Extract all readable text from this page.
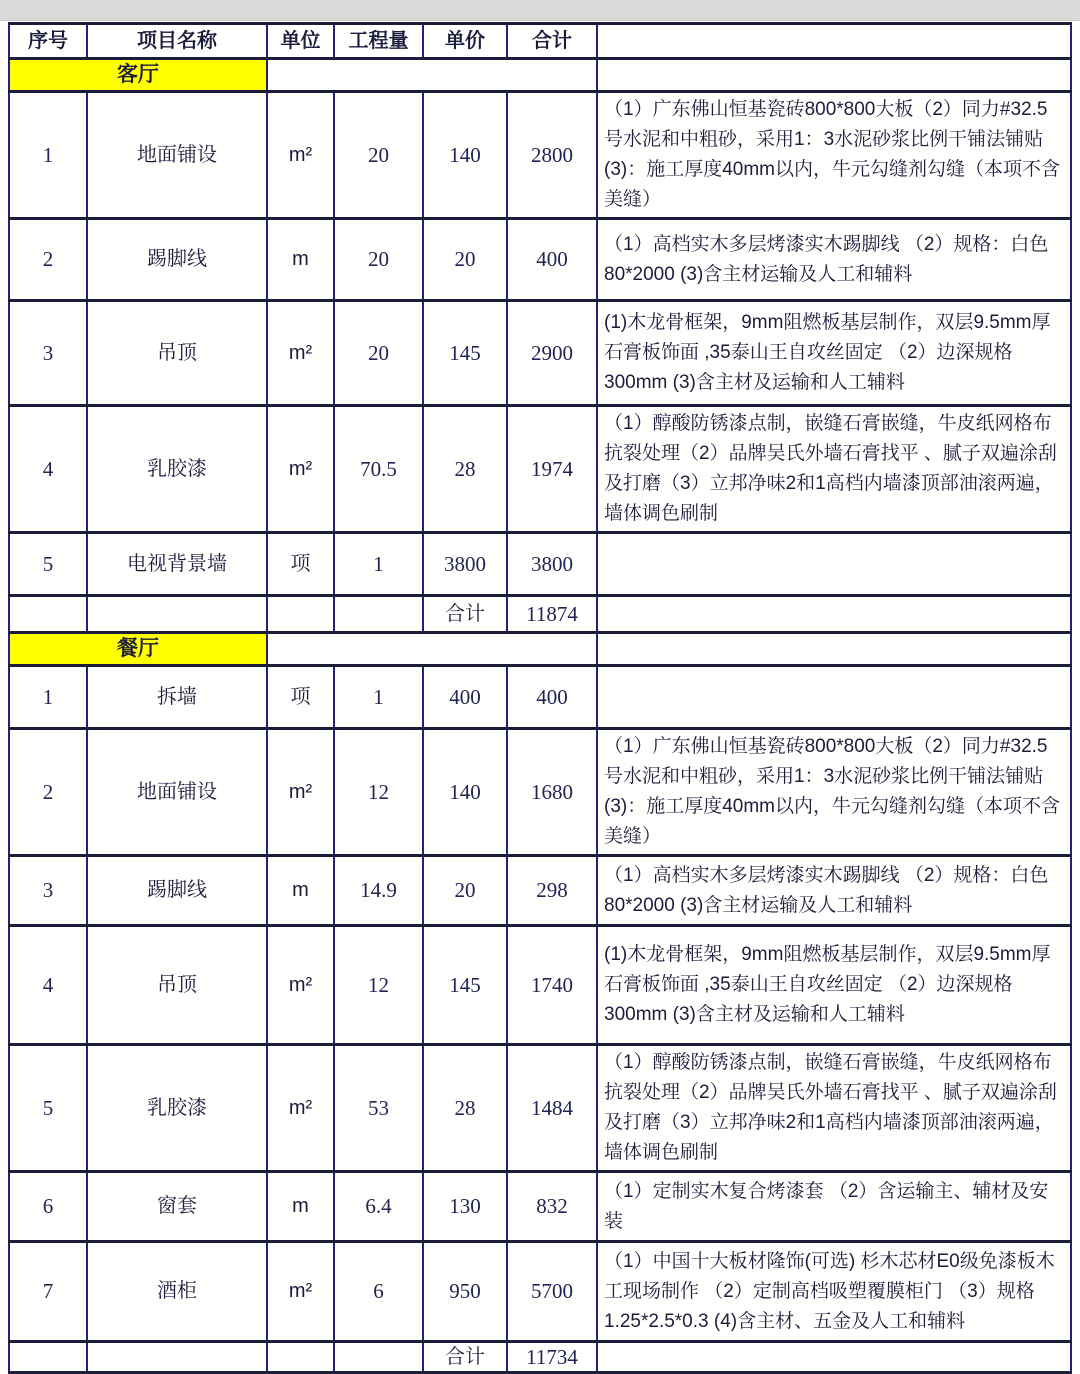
序号	项目名称	单位	工程量	单价	合计	
客厅						
1	地面铺设	m²	20	140	2800	（1）广东佛山恒基瓷砖800*800大板（2）同力#32.5号水泥和中粗砂，采用1：3水泥砂浆比例干铺法铺贴(3)：施工厚度40mm以内，牛元勾缝剂勾缝（本项不含美缝）
2	踢脚线	m	20	20	400	（1）高档实木多层烤漆实木踢脚线 （2）规格：白色80*2000 (3)含主材运输及人工和辅料
3	吊顶	m²	20	145	2900	(1)木龙骨框架，9mm阻燃板基层制作，双层9.5mm厚石膏板饰面 ,35泰山王自攻丝固定 （2）边深规格300mm (3)含主材及运输和人工辅料
4	乳胶漆	m²	70.5	28	1974	（1）醇酸防锈漆点制，嵌缝石膏嵌缝，牛皮纸网格布抗裂处理（2）品牌吴氏外墙石膏找平 、腻子双遍涂刮及打磨（3）立邦净味2和1高档内墙漆顶部油滚两遍，墙体调色刷制
5	电视背景墙	项	1	3800	3800	
				合计	11874	
餐厅						
1	拆墙	项	1	400	400	
2	地面铺设	m²	12	140	1680	（1）广东佛山恒基瓷砖800*800大板（2）同力#32.5号水泥和中粗砂，采用1：3水泥砂浆比例干铺法铺贴(3)：施工厚度40mm以内，牛元勾缝剂勾缝（本项不含美缝）
3	踢脚线	m	14.9	20	298	（1）高档实木多层烤漆实木踢脚线 （2）规格：白色80*2000 (3)含主材运输及人工和辅料
4	吊顶	m²	12	145	1740	(1)木龙骨框架，9mm阻燃板基层制作，双层9.5mm厚石膏板饰面 ,35泰山王自攻丝固定 （2）边深规格300mm (3)含主材及运输和人工辅料
5	乳胶漆	m²	53	28	1484	（1）醇酸防锈漆点制，嵌缝石膏嵌缝，牛皮纸网格布抗裂处理（2）品牌吴氏外墙石膏找平 、腻子双遍涂刮及打磨（3）立邦净味2和1高档内墙漆顶部油滚两遍，墙体调色刷制
6	窗套	m	6.4	130	832	（1）定制实木复合烤漆套 （2）含运输主、辅材及安装
7	酒柜	m²	6	950	5700	（1）中国十大板材隆饰(可选) 杉木芯材E0级免漆板木工现场制作 （2）定制高档吸塑覆膜柜门 （3）规格1.25*2.5*0.3 (4)含主材、五金及人工和辅料
				合计	11734	
